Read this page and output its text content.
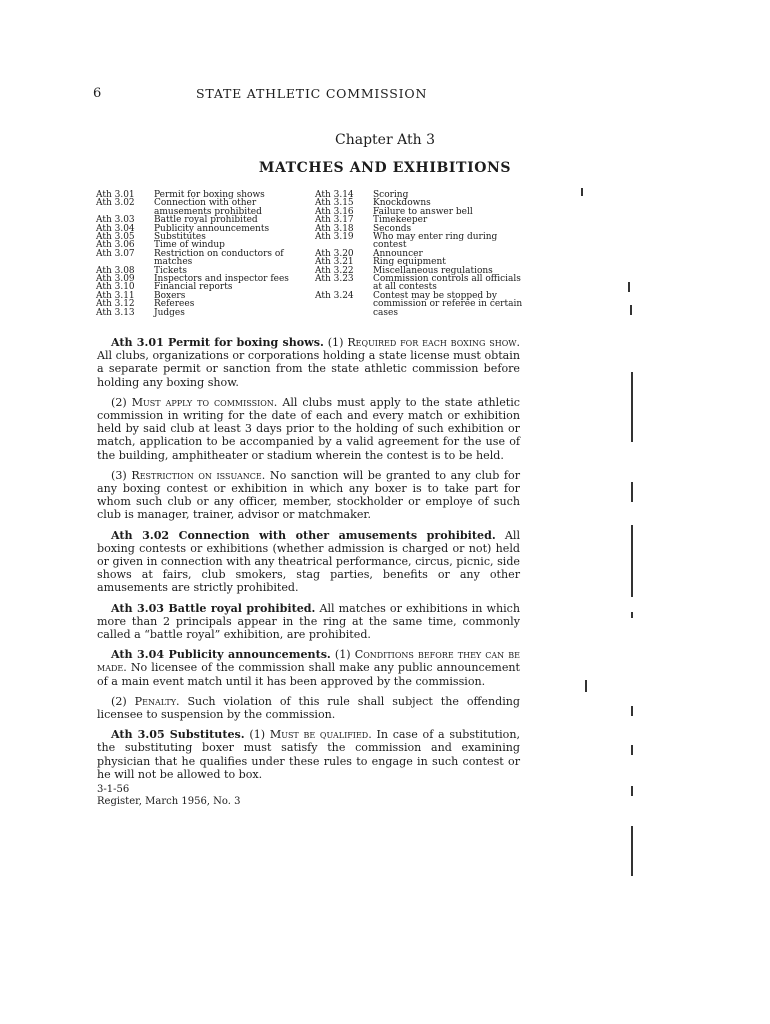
6	STATE ATHLETIC COMMISSION
Chapter Ath 3
MATCHES AND EXHIBITIONS
Ath 3.01	Permit for boxing shows
Ath 3.02	Connection with other amusements prohibited
Ath 3.03	Battle royal prohibited
Ath 3.04	Publicity announcements
Ath 3.05	Substitutes
Ath 3.06	Time of windup
Ath 3.07	Restriction on conductors of matches
Ath 3.08	Tickets
Ath 3.09	Inspectors and inspector fees
Ath 3.10	Financial reports
Ath 3.11	Boxers
Ath 3.12	Referees
Ath 3.13	Judges
Ath 3.14	Scoring
Ath 3.15	Knockdowns
Ath 3.16	Failure to answer bell
Ath 3.17	Timekeeper
Ath 3.18	Seconds
Ath 3.19	Who may enter ring during contest
Ath 3.20	Announcer
Ath 3.21	Ring equipment
Ath 3.22	Miscellaneous regulations
Ath 3.23	Commission controls all officials at all contests
Ath 3.24	Contest may be stopped by commission or referee in certain cases

Ath 3.01 Permit for boxing shows. (1) Required for each boxing show. All clubs, organizations or corporations holding a state license must obtain a separate permit or sanction from the state athletic commission before holding any boxing show.

(2) Must apply to commission. All clubs must apply to the state athletic commission in writing for the date of each and every match or exhibition held by said club at least 3 days prior to the holding of such exhibition or match, application to be accompanied by a valid agreement for the use of the building, amphitheater or stadium wherein the contest is to be held.

(3) Restriction on issuance. No sanction will be granted to any club for any boxing contest or exhibition in which any boxer is to take part for whom such club or any officer, member, stockholder or employe of such club is manager, trainer, advisor or matchmaker.

Ath 3.02 Connection with other amusements prohibited. All boxing contests or exhibitions (whether admission is charged or not) held or given in connection with any theatrical performance, circus, picnic, side shows at fairs, club smokers, stag parties, benefits or any other amusements are strictly prohibited.

Ath 3.03 Battle royal prohibited. All matches or exhibitions in which more than 2 principals appear in the ring at the same time, commonly called a “battle royal” exhibition, are prohibited.

Ath 3.04 Publicity announcements. (1) Conditions before they can be made. No licensee of the commission shall make any public announcement of a main event match until it has been approved by the commission.

(2) Penalty. Such violation of this rule shall subject the offending licensee to suspension by the commission.

Ath 3.05 Substitutes. (1) Must be qualified. In case of a substitution, the substituting boxer must satisfy the commission and examining physician that he qualifies under these rules to engage in such contest or he will not be allowed to box.

3-1-56
Register, March 1956, No. 3
